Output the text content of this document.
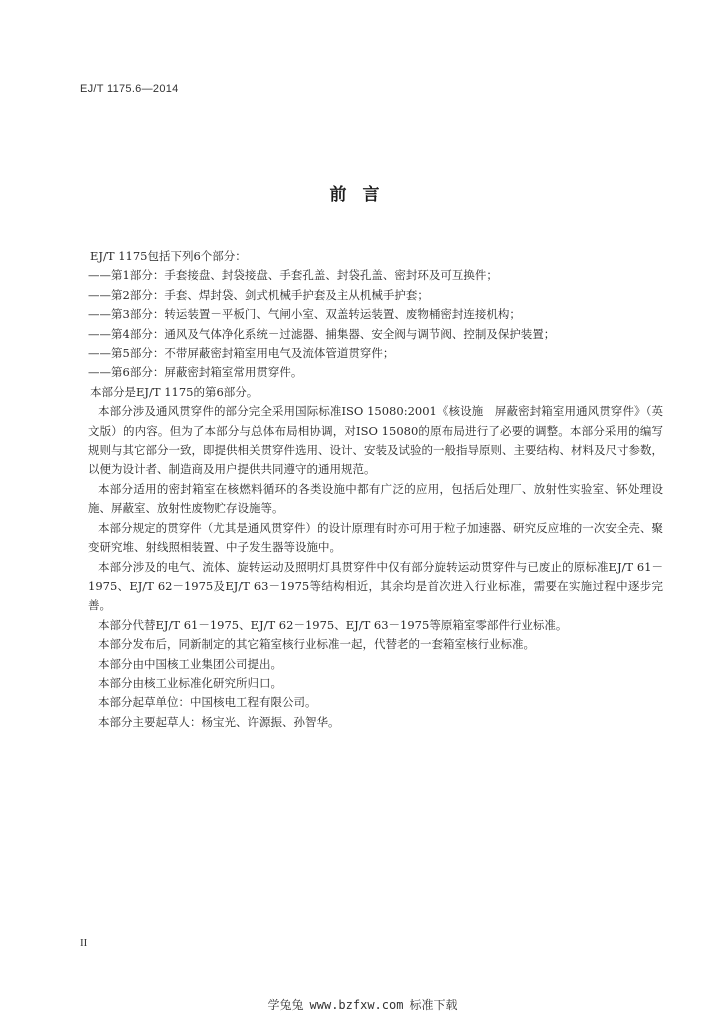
EJ/T 1175.6—2014
前言
EJ/T 1175包括下列6个部分：
——第1部分：手套接盘、封袋接盘、手套孔盖、封袋孔盖、密封环及可互换件；
——第2部分：手套、焊封袋、剑式机械手护套及主从机械手护套；
——第3部分：转运装置－平板门、气闸小室、双盖转运装置、废物桶密封连接机构；
——第4部分：通风及气体净化系统－过滤器、捕集器、安全阀与调节阀、控制及保护装置；
——第5部分：不带屏蔽密封箱室用电气及流体管道贯穿件；
——第6部分：屏蔽密封箱室常用贯穿件。
本部分是EJ/T 1175的第6部分。
本部分涉及通风贯穿件的部分完全采用国际标准ISO 15080:2001《核设施　屏蔽密封箱室用通风贯穿件》（英文版）的内容。但为了本部分与总体布局相协调，对ISO 15080的原布局进行了必要的调整。本部分采用的编写规则与其它部分一致，即提供相关贯穿件选用、设计、安装及试验的一般指导原则、主要结构、材料及尺寸参数，以便为设计者、制造商及用户提供共同遵守的通用规范。
本部分适用的密封箱室在核燃料循环的各类设施中都有广泛的应用，包括后处理厂、放射性实验室、钚处理设施、屏蔽室、放射性废物贮存设施等。
本部分规定的贯穿件（尤其是通风贯穿件）的设计原理有时亦可用于粒子加速器、研究反应堆的一次安全壳、聚变研究堆、射线照相装置、中子发生器等设施中。
本部分涉及的电气、流体、旋转运动及照明灯具贯穿件中仅有部分旋转运动贯穿件与已废止的原标准EJ/T 61－1975、EJ/T 62－1975及EJ/T 63－1975等结构相近，其余均是首次进入行业标准，需要在实施过程中逐步完善。
本部分代替EJ/T 61－1975、EJ/T 62－1975、EJ/T 63－1975等原箱室零部件行业标准。
本部分发布后，同新制定的其它箱室核行业标准一起，代替老的一套箱室核行业标准。
本部分由中国核工业集团公司提出。
本部分由核工业标准化研究所归口。
本部分起草单位：中国核电工程有限公司。
本部分主要起草人：杨宝光、许源振、孙智华。
II
学兔兔 www.bzfxw.com 标准下载
